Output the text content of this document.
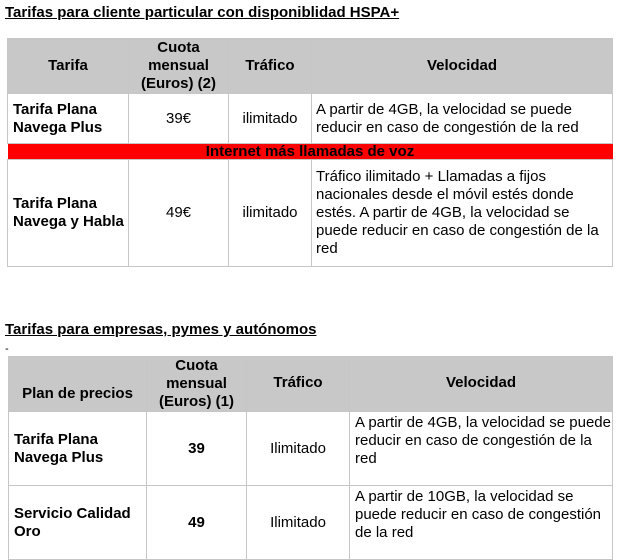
Tarifas para cliente particular con disponiblidad HSPA+
Tarifa	Cuota mensual (Euros) (2)	Tráfico	Velocidad
Tarifa Plana Navega Plus	39€	ilimitado	A partir de 4GB, la velocidad se puede reducir en caso de congestión de la red
Internet más llamadas de voz			
Tarifa Plana Navega y Habla	49€	ilimitado	Tráfico ilimitado + Llamadas a fijos nacionales desde el móvil estés donde estés. A partir de 4GB, la velocidad se puede reducir en caso de congestión de la red
Tarifas para empresas, pymes y autónomos
-
Plan de precios	Cuota mensual (Euros) (1)	Tráfico	Velocidad
Tarifa Plana Navega Plus	39	Ilimitado	A partir de 4GB, la velocidad se puede reducir en caso de congestión de la red
Servicio Calidad Oro	49	Ilimitado	A partir de 10GB, la velocidad se puede reducir en caso de congestión de la red
